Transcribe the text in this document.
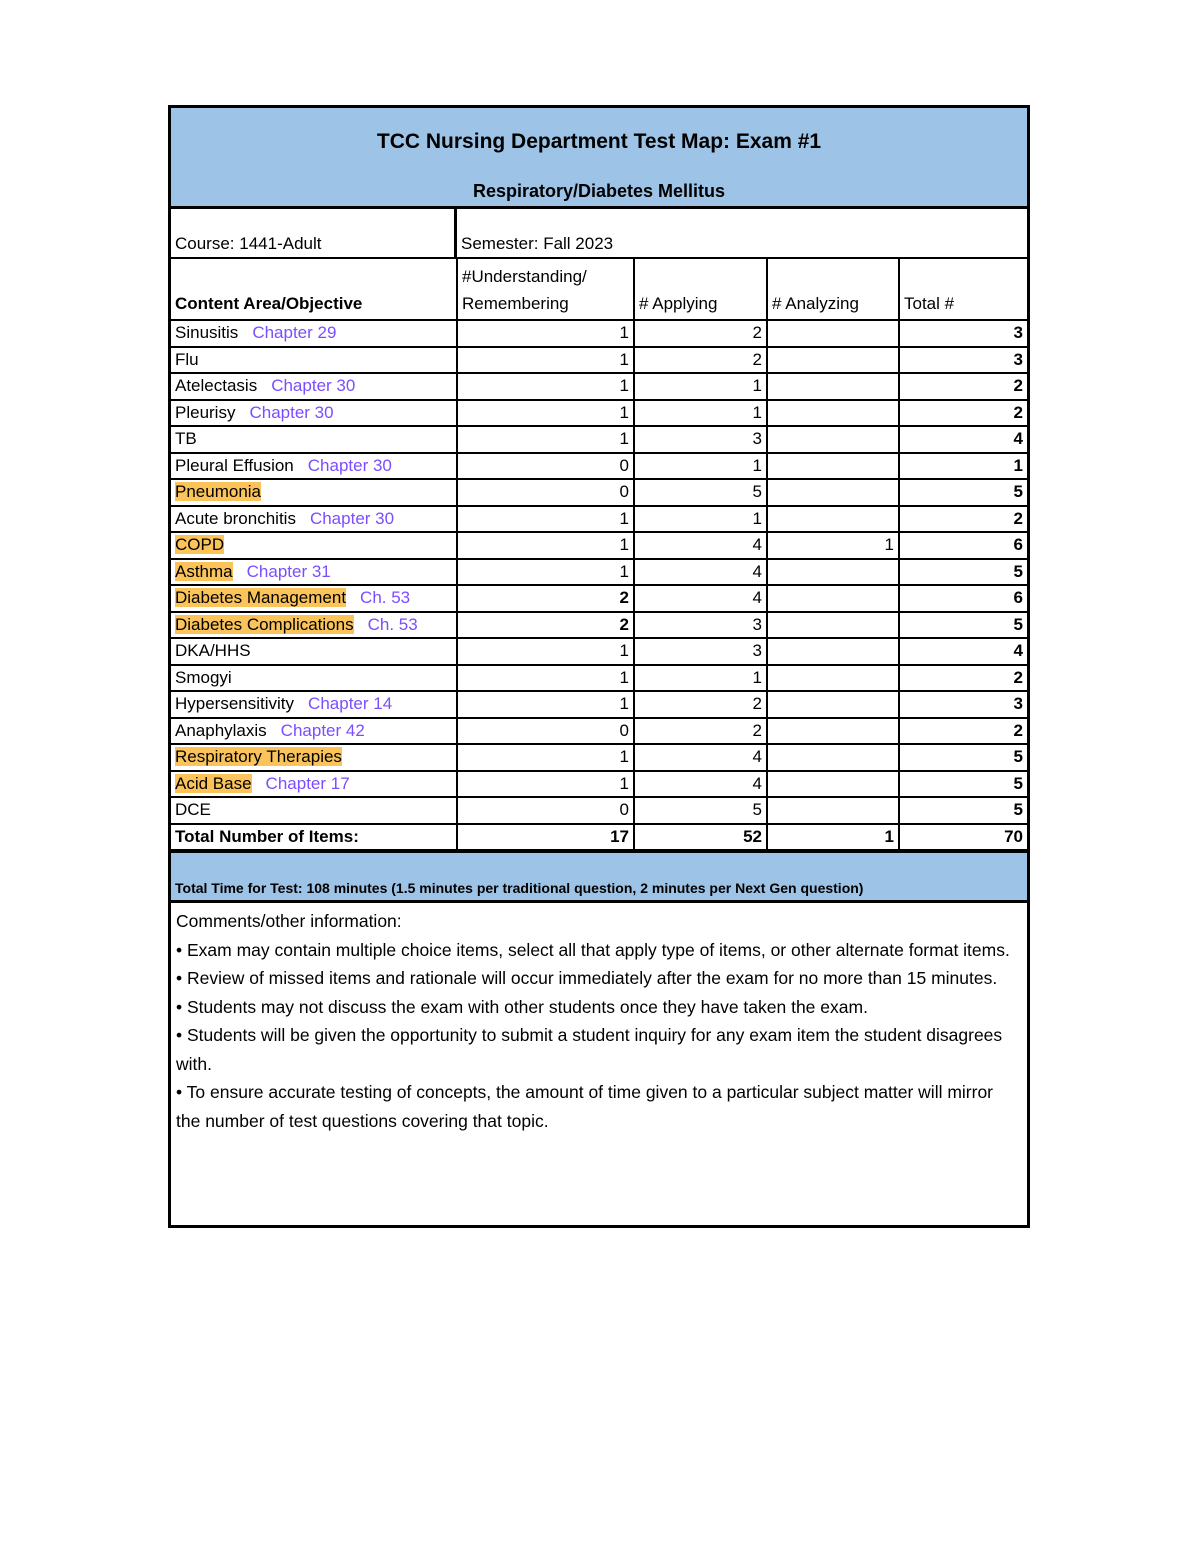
TCC Nursing Department Test Map: Exam #1
Respiratory/Diabetes Mellitus
Course: 1441-Adult	Semester: Fall 2023
Content Area/Objective	#Understanding/ Remembering	# Applying	# Analyzing	Total #
Sinusitis Chapter 29	1	2		3
Flu	1	2		3
Atelectasis Chapter 30	1	1		2
Pleurisy Chapter 30	1	1		2
TB	1	3		4
Pleural Effusion Chapter 30	0	1		1
Pneumonia	0	5		5
Acute bronchitis Chapter 30	1	1		2
COPD	1	4	1	6
Asthma Chapter 31	1	4		5
Diabetes Management Ch. 53	2	4		6
Diabetes Complications Ch. 53	2	3		5
DKA/HHS	1	3		4
Smogyi	1	1		2
Hypersensitivity Chapter 14	1	2		3
Anaphylaxis Chapter 42	0	2		2
Respiratory Therapies	1	4		5
Acid Base Chapter 17	1	4		5
DCE	0	5		5
Total Number of Items:	17	52	1	70
Total Time for Test: 108 minutes (1.5 minutes per traditional question, 2 minutes per Next Gen question)
Comments/other information:
• Exam may contain multiple choice items, select all that apply type of items, or other alternate format items.
• Review of missed items and rationale will occur immediately after the exam for no more than 15 minutes.
• Students may not discuss the exam with other students once they have taken the exam.
• Students will be given the opportunity to submit a student inquiry for any exam item the student disagrees with.
• To ensure accurate testing of concepts, the amount of time given to a particular subject matter will mirror the number of test questions covering that topic.
